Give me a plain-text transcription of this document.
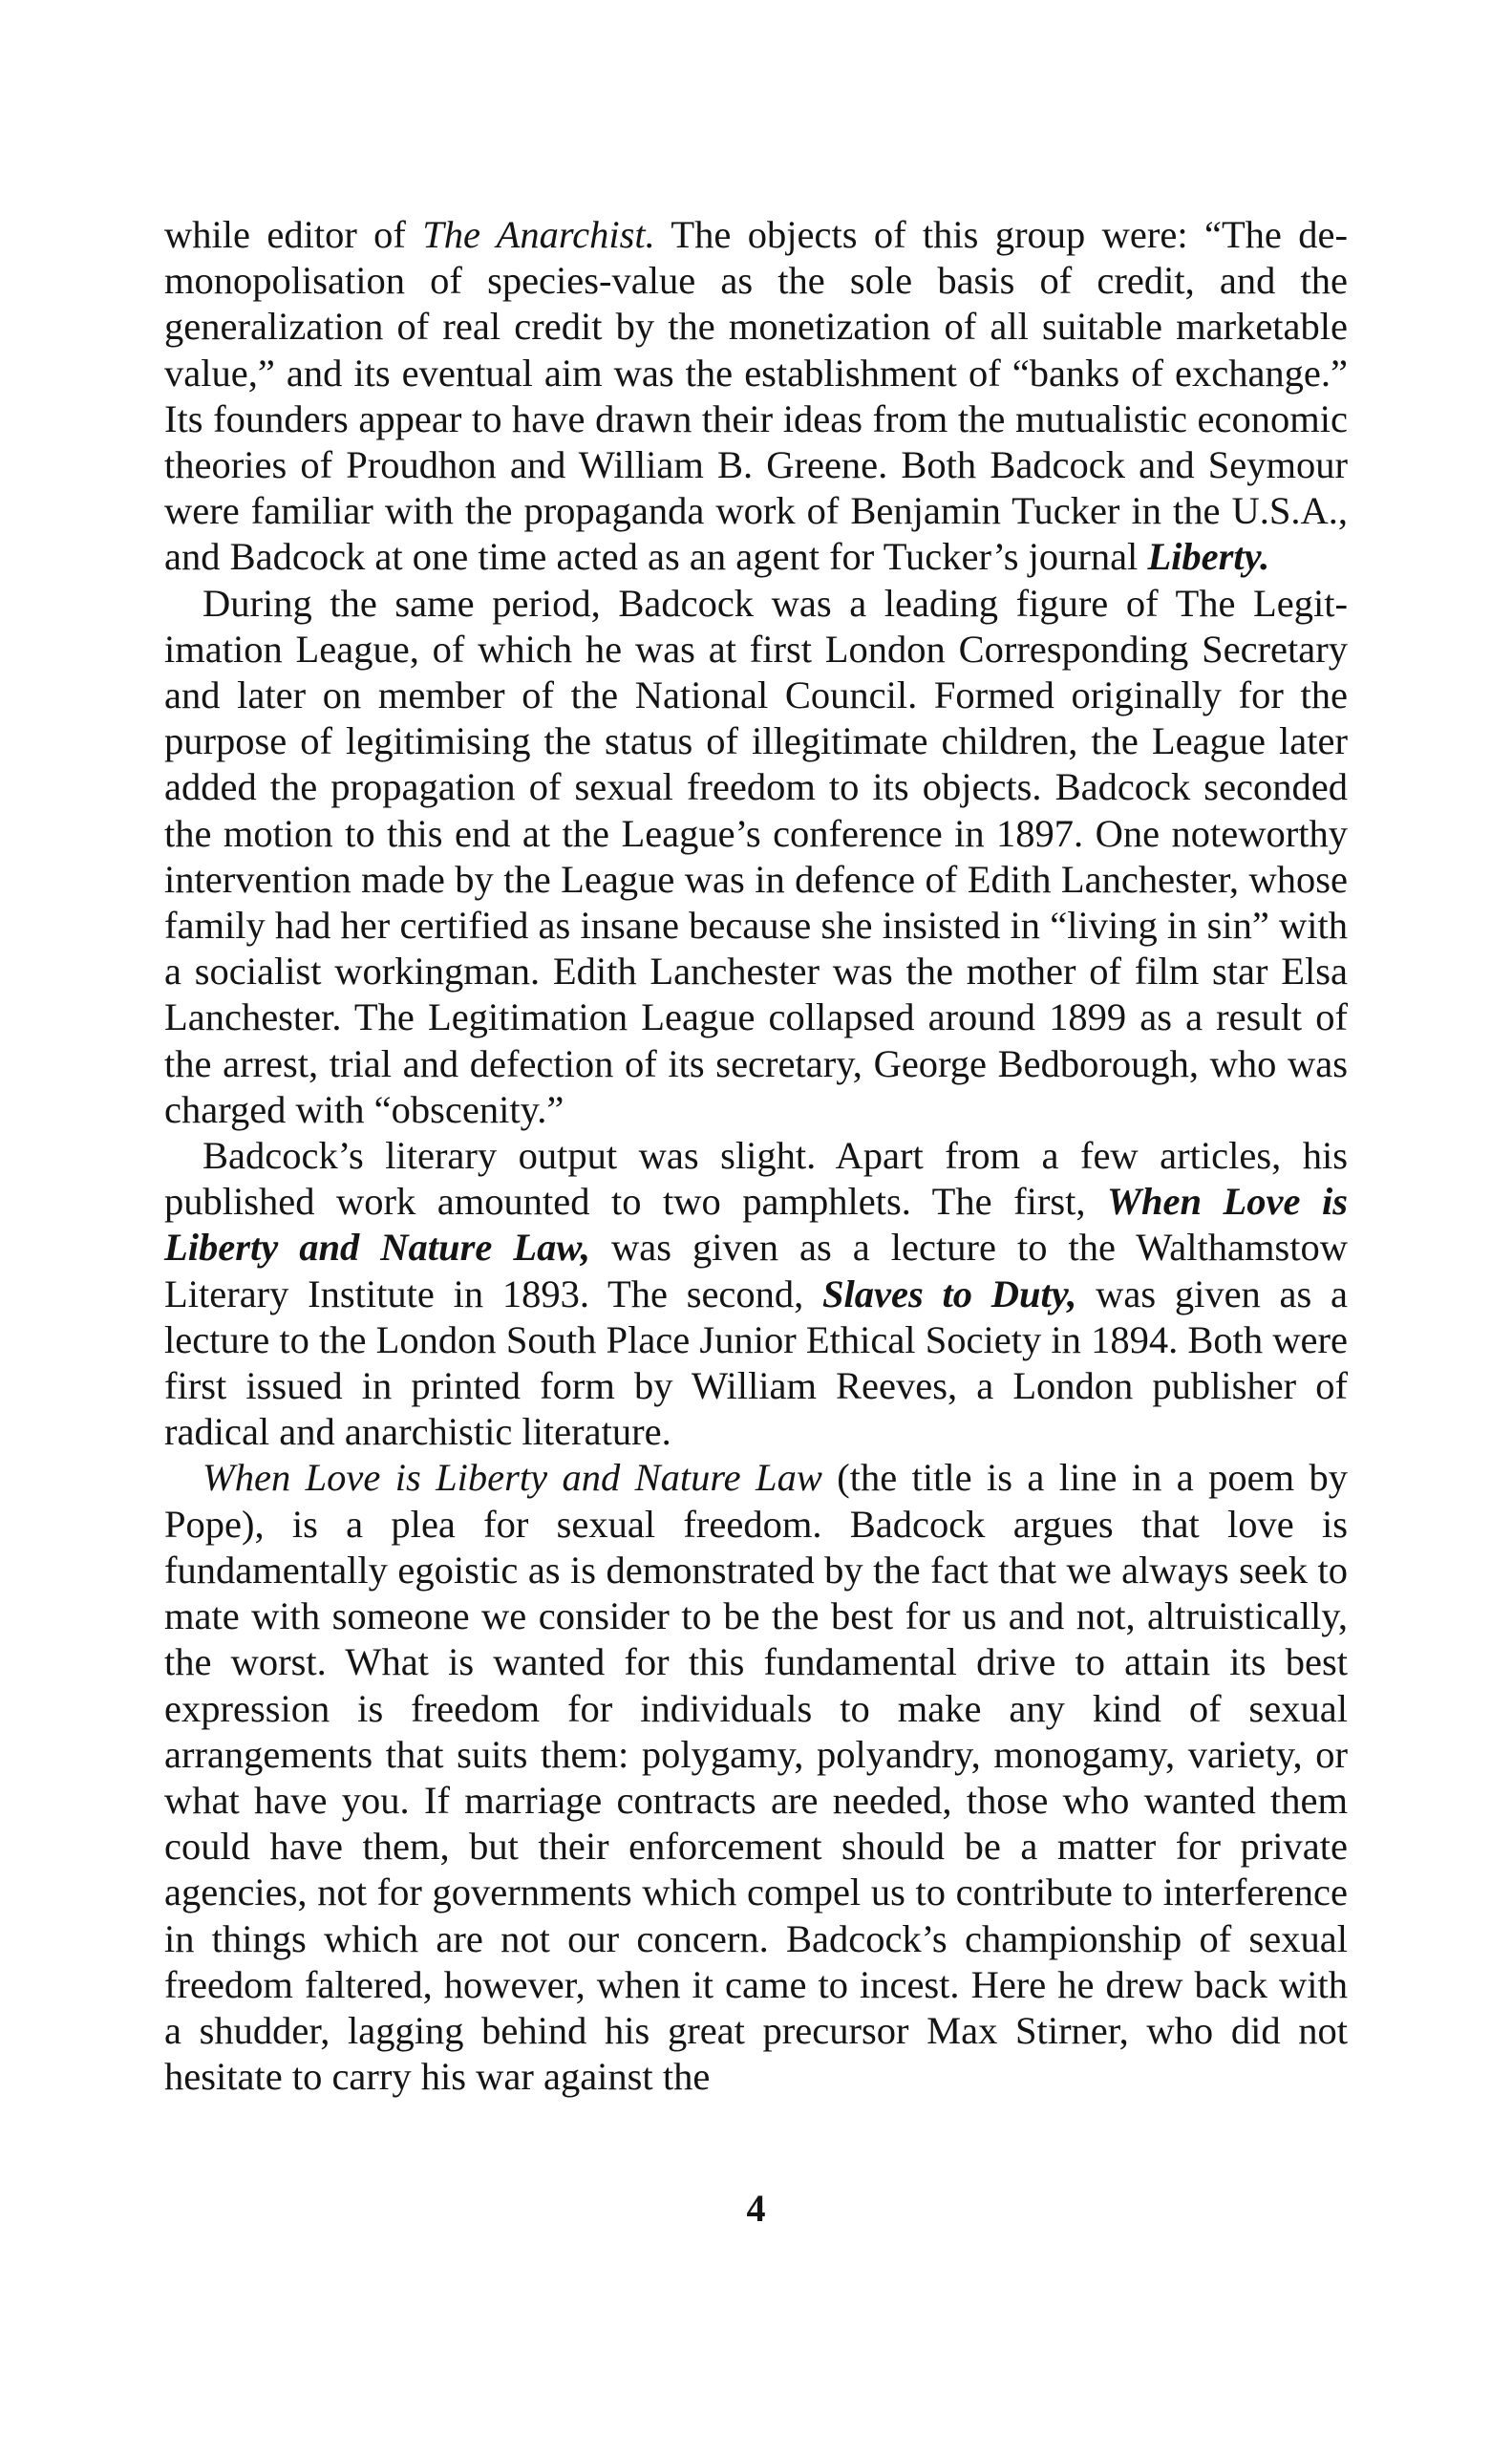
while editor of The Anarchist. The objects of this group were: “The de-monopolisation of species-value as the sole basis of credit, and the generalization of real credit by the monetization of all suitable marketable value,” and its eventual aim was the establishment of “banks of exchange.” Its founders appear to have drawn their ideas from the mutualistic economic theories of Proudhon and William B. Greene. Both Badcock and Seymour were familiar with the propaganda work of Benjamin Tucker in the U.S.A., and Badcock at one time acted as an agent for Tucker’s journal Liberty.

During the same period, Badcock was a leading figure of The Legitimation League, of which he was at first London Corresponding Secretary and later on member of the National Council. Formed originally for the purpose of legitimising the status of illegitimate children, the League later added the propagation of sexual freedom to its objects. Badcock seconded the motion to this end at the League’s conference in 1897. One noteworthy intervention made by the League was in defence of Edith Lanchester, whose family had her certified as insane because she insisted in “living in sin” with a socialist workingman. Edith Lanchester was the mother of film star Elsa Lanchester. The Legitimation League collapsed around 1899 as a result of the arrest, trial and defection of its secretary, George Bedborough, who was charged with “obscenity.”

Badcock’s literary output was slight. Apart from a few articles, his published work amounted to two pamphlets. The first, When Love is Liberty and Nature Law, was given as a lecture to the Walthamstow Literary Institute in 1893. The second, Slaves to Duty, was given as a lecture to the London South Place Junior Ethical Society in 1894. Both were first issued in printed form by William Reeves, a London publisher of radical and anarchistic literature.

When Love is Liberty and Nature Law (the title is a line in a poem by Pope), is a plea for sexual freedom. Badcock argues that love is fundamentally egoistic as is demonstrated by the fact that we always seek to mate with someone we consider to be the best for us and not, altruistically, the worst. What is wanted for this fundamental drive to attain its best expression is freedom for individuals to make any kind of sexual arrangements that suits them: polygamy, polyandry, monogamy, variety, or what have you. If marriage contracts are needed, those who wanted them could have them, but their enforcement should be a matter for private agencies, not for governments which compel us to contribute to interference in things which are not our concern. Badcock’s championship of sexual freedom faltered, however, when it came to incest. Here he drew back with a shudder, lagging behind his great precursor Max Stirner, who did not hesitate to carry his war against the

4
